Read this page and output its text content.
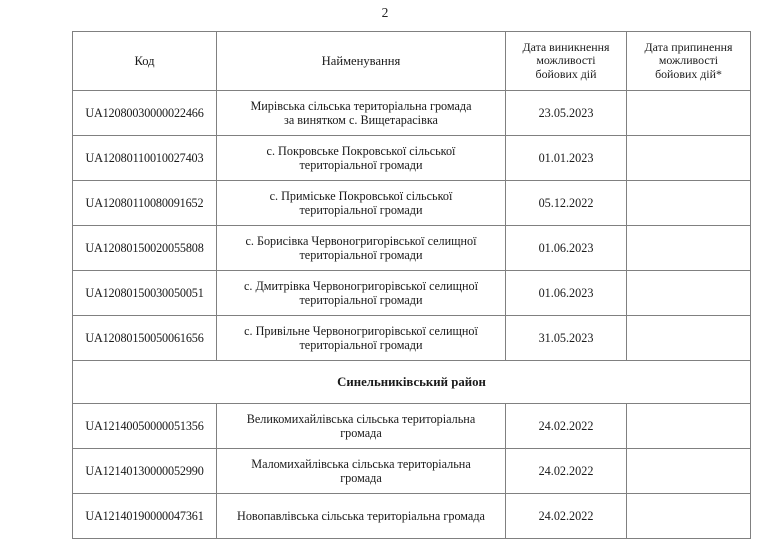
2
Код	Найменування	Дата виникнення
можливості
бойових дій	Дата припинення
можливості
бойових дій*

UA12080030000022466	Мирівська сільська територіальна громада
за винятком с. Вищетарасівка	23.05.2023	
UA12080110010027403	с. Покровське Покровської сільської
територіальної громади	01.01.2023	
UA12080110080091652	с. Приміське Покровської сільської
територіальної громади	05.12.2022	
UA12080150020055808	с. Борисівка Червоногригорівської селищної
територіальної громади	01.06.2023	
UA12080150030050051	с. Дмитрівка Червоногригорівської селищної
територіальної громади	01.06.2023	
UA12080150050061656	с. Привільне Червоногригорівської селищної
територіальної громади	31.05.2023	
Синельниківський район			
UA12140050000051356	Великомихайлівська сільська територіальна
громада	24.02.2022	
UA12140130000052990	Маломихайлівська сільська територіальна
громада	24.02.2022	
UA12140190000047361	Новопавлівська сільська територіальна громада	24.02.2022	
